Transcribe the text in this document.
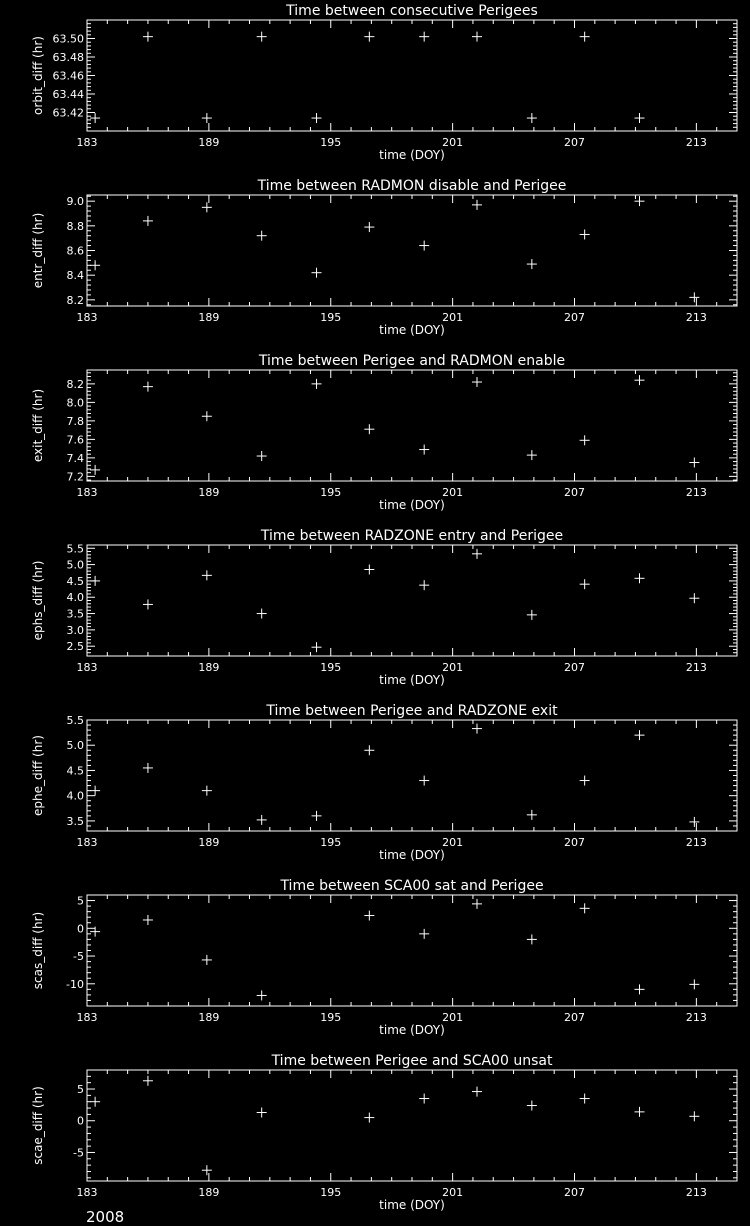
Time between consecutive Perigees
183	189	195	201	207	213
63.42
63.44
63.46
63.48
63.50
time (DOY)
orbit_diff (hr)
Time between RADMON disable and Perigee
183	189	195	201	207	213
8.2
8.4
8.6
8.8
9.0
time (DOY)
entr_diff (hr)
Time between Perigee and RADMON enable
183	189	195	201	207	213
7.2
7.4
7.6
7.8
8.0
8.2
time (DOY)
exit_diff (hr)
Time between RADZONE entry and Perigee
183	189	195	201	207	213
2.5
3.0
3.5
4.0
4.5
5.0
5.5
time (DOY)
ephs_diff (hr)
Time between Perigee and RADZONE exit
183	189	195	201	207	213
3.5
4.0
4.5
5.0
5.5
time (DOY)
ephe_diff (hr)
Time between SCA00 sat and Perigee
183	189	195	201	207	213
-10
-5
0
5
time (DOY)
scas_diff (hr)
Time between Perigee and SCA00 unsat
183	189	195	201	207	213
-5
0
5
time (DOY)
scae_diff (hr)
2008
